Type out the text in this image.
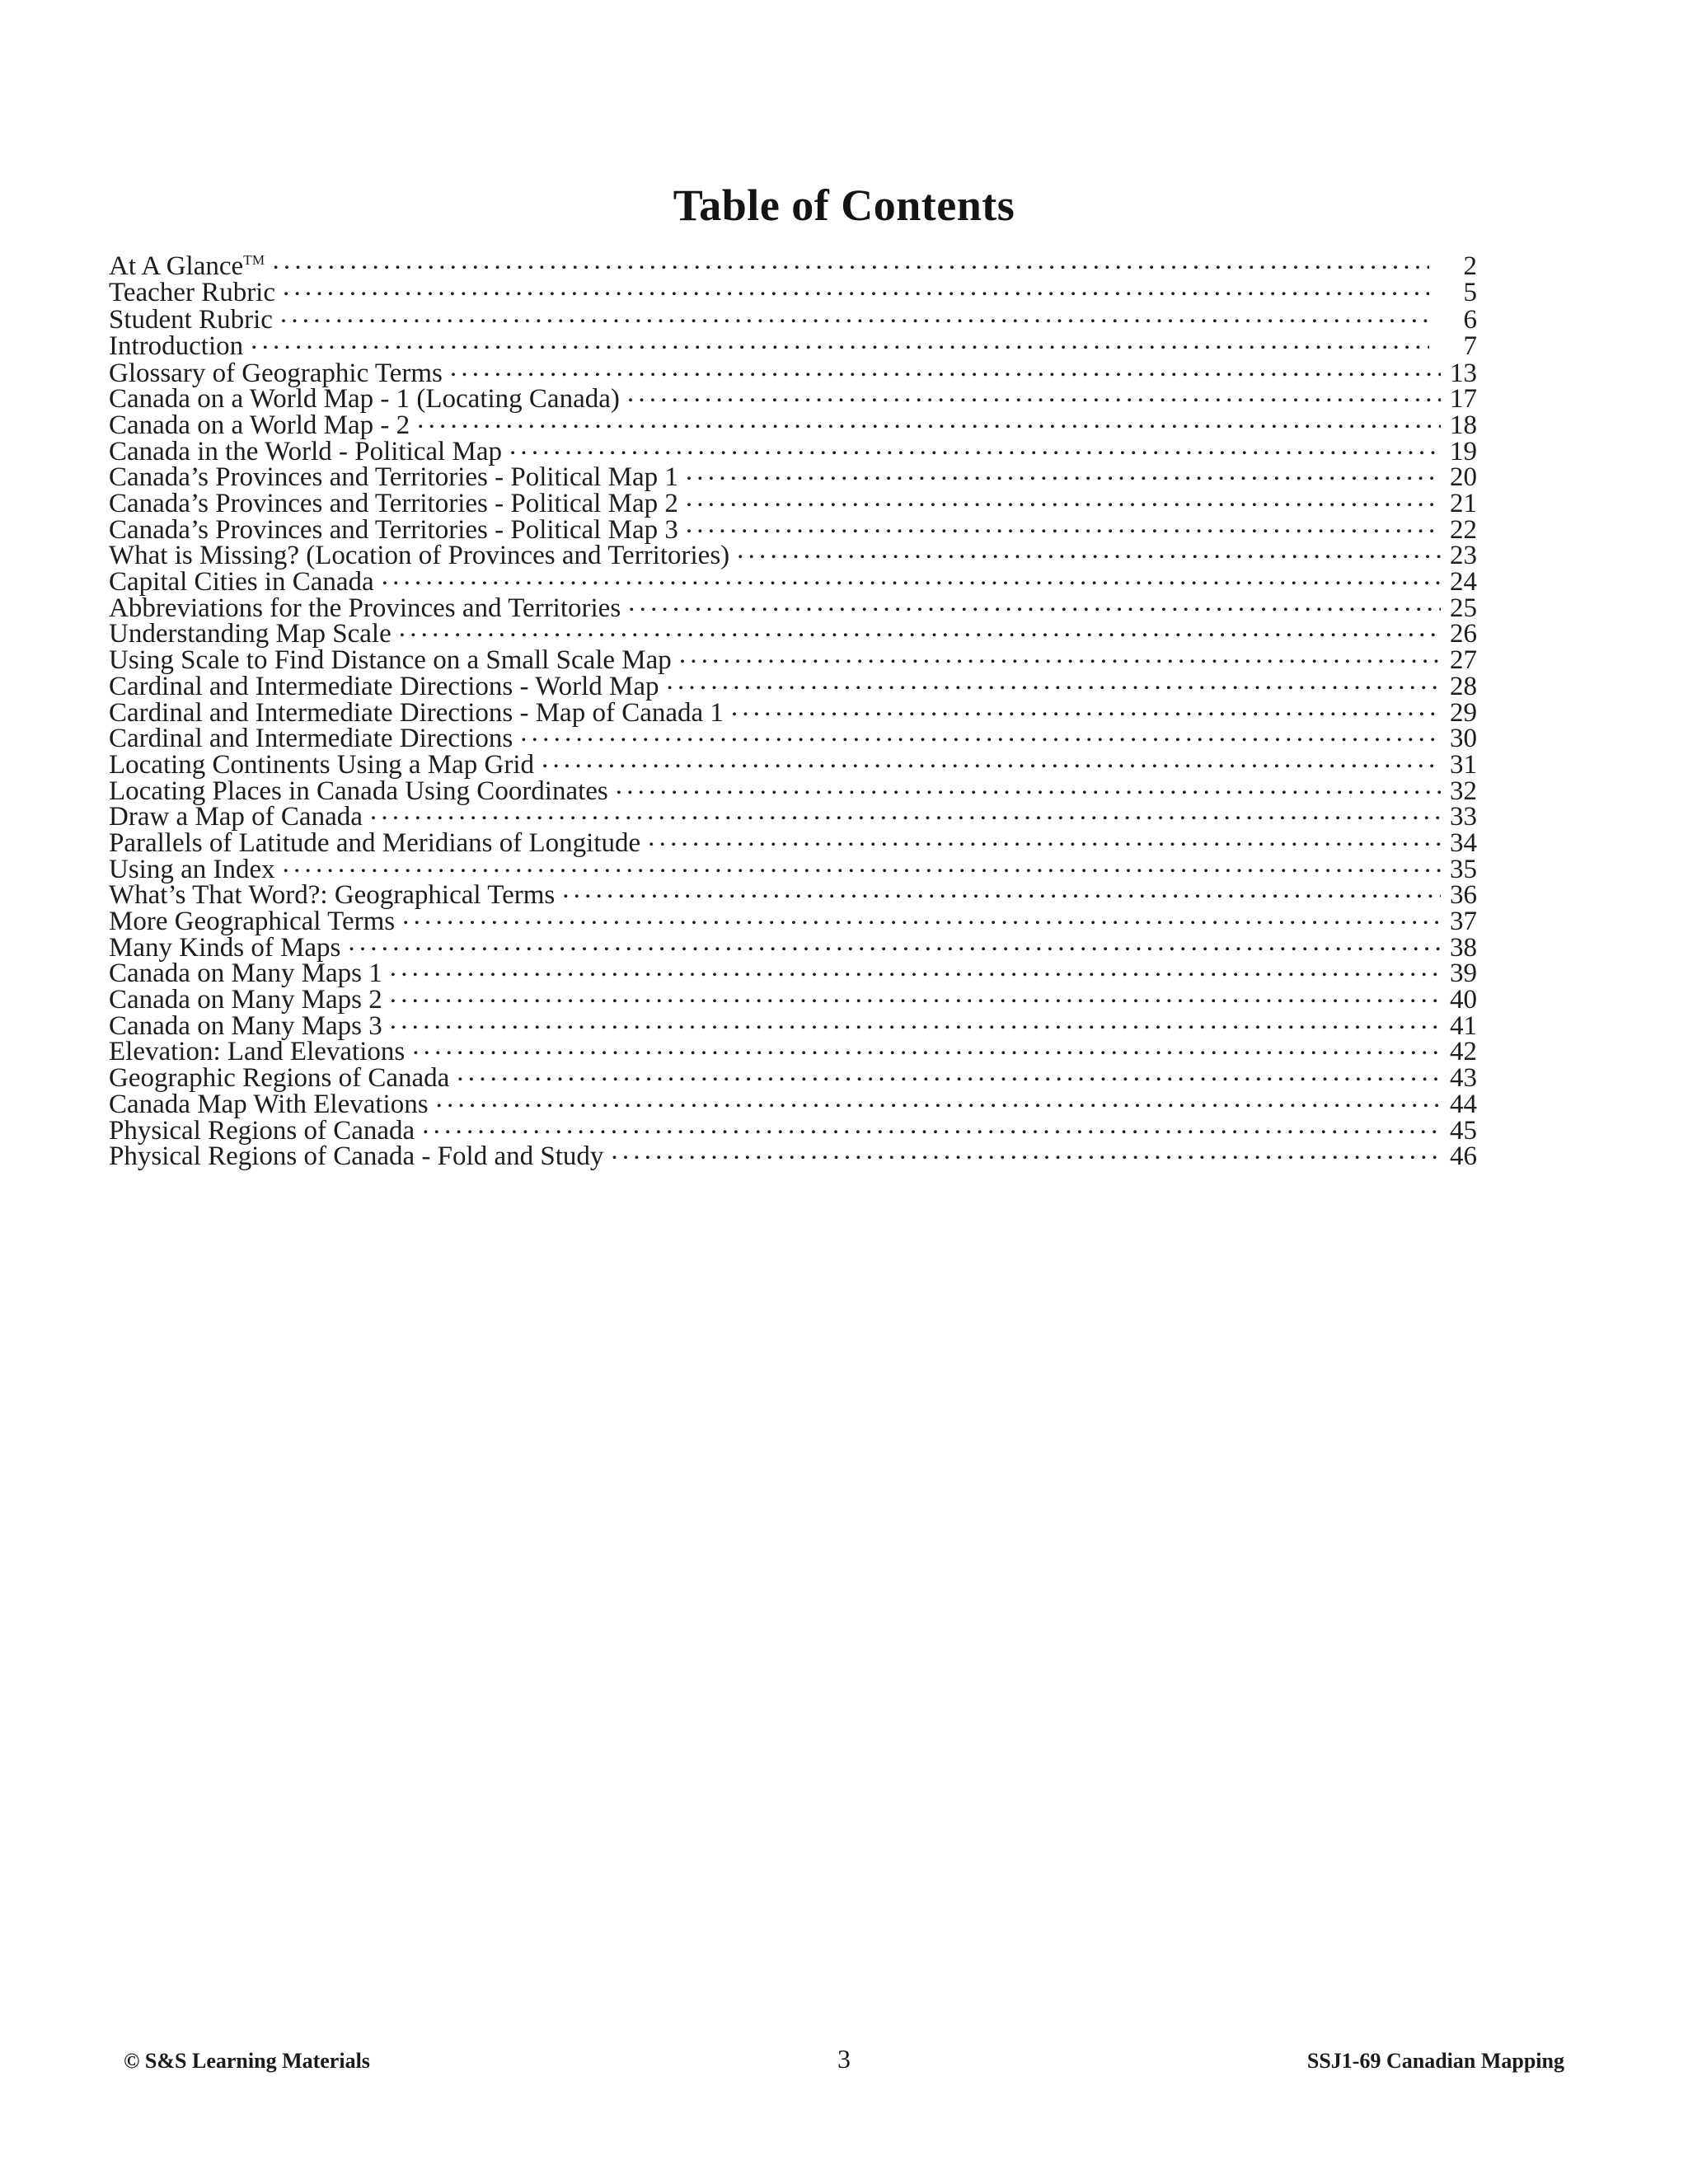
Table of Contents
At A Glance™ .....	2
Teacher Rubric .....	5
Student Rubric .....	6
Introduction .....	7
Glossary of Geographic Terms .....	13
Canada on a World Map - 1 (Locating Canada) .....	17
Canada on a World Map - 2 .....	18
Canada in the World - Political Map .....	19
Canada’s Provinces and Territories - Political Map 1 .....	20
Canada’s Provinces and Territories - Political Map 2 .....	21
Canada’s Provinces and Territories - Political Map 3 .....	22
What is Missing? (Location of Provinces and Territories) .....	23
Capital Cities in Canada .....	24
Abbreviations for the Provinces and Territories .....	25
Understanding Map Scale .....	26
Using Scale to Find Distance on a Small Scale Map .....	27
Cardinal and Intermediate Directions - World Map .....	28
Cardinal and Intermediate Directions - Map of Canada 1 .....	29
Cardinal and Intermediate Directions .....	30
Locating Continents Using a Map Grid .....	31
Locating Places in Canada Using Coordinates .....	32
Draw a Map of Canada .....	33
Parallels of Latitude and Meridians of Longitude .....	34
Using an Index .....	35
What’s That Word?: Geographical Terms .....	36
More Geographical Terms .....	37
Many Kinds of Maps .....	38
Canada on Many Maps 1 .....	39
Canada on Many Maps 2 .....	40
Canada on Many Maps 3 .....	41
Elevation: Land Elevations .....	42
Geographic Regions of Canada .....	43
Canada Map With Elevations .....	44
Physical Regions of Canada .....	45
Physical Regions of Canada - Fold and Study .....	46
© S&S Learning Materials	3	SSJ1-69 Canadian Mapping
